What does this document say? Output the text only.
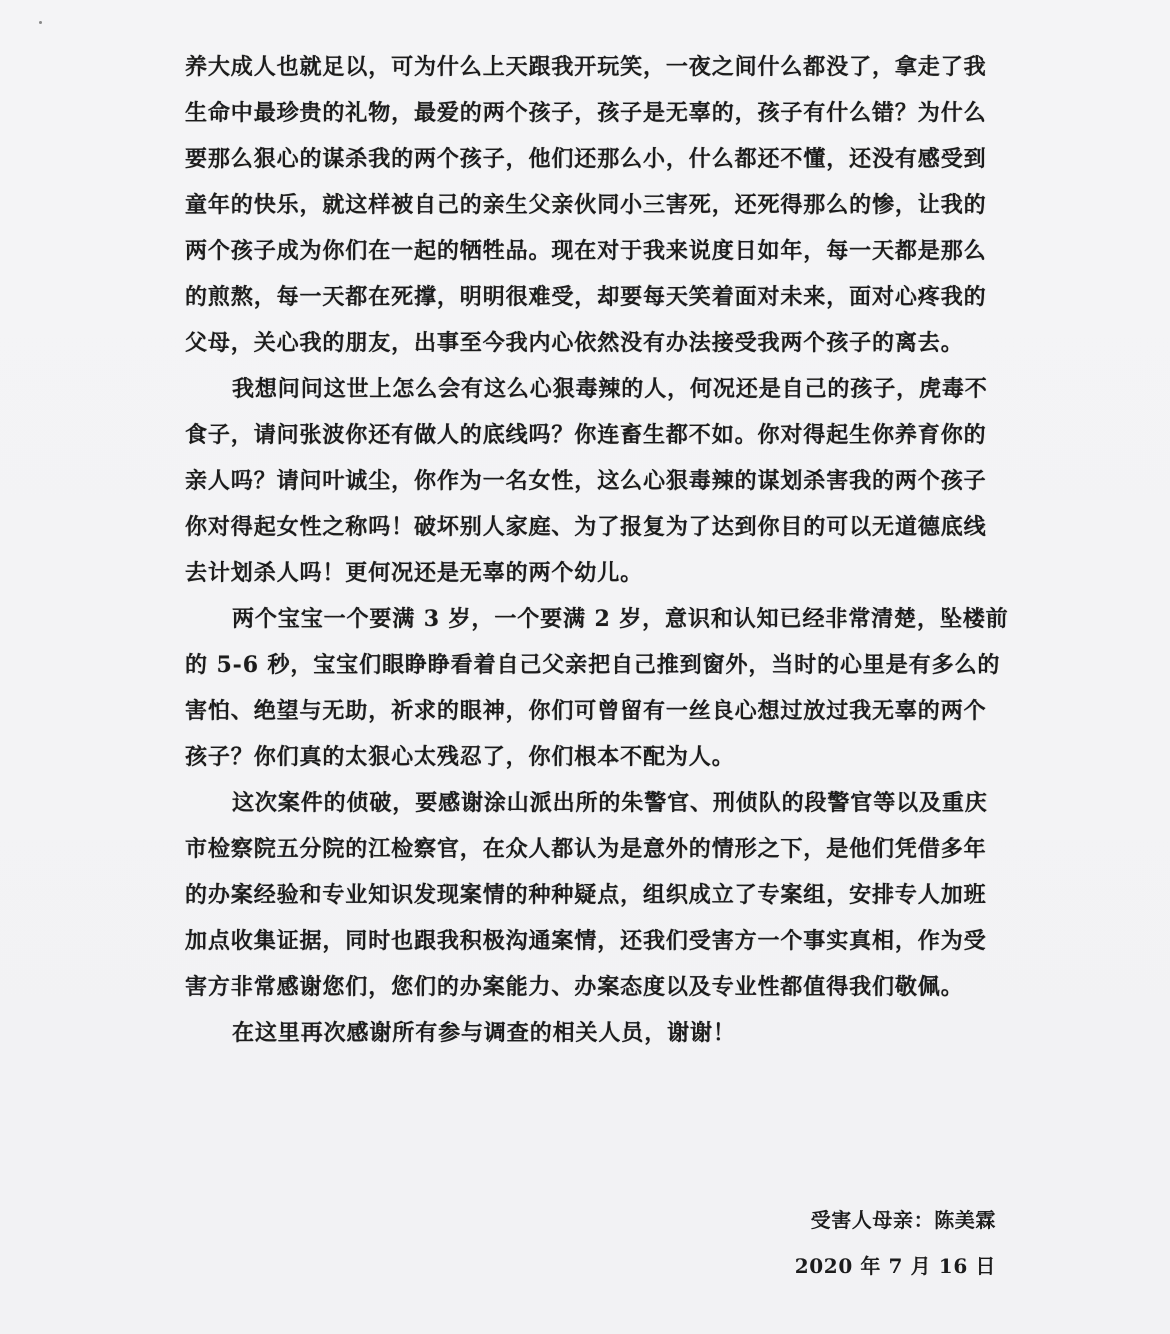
养大成人也就足以，可为什么上天跟我开玩笑，一夜之间什么都没了，拿走了我
生命中最珍贵的礼物，最爱的两个孩子，孩子是无辜的，孩子有什么错？为什么
要那么狠心的谋杀我的两个孩子，他们还那么小，什么都还不懂，还没有感受到
童年的快乐，就这样被自己的亲生父亲伙同小三害死，还死得那么的惨，让我的
两个孩子成为你们在一起的牺牲品。现在对于我来说度日如年，每一天都是那么
的煎熬，每一天都在死撑，明明很难受，却要每天笑着面对未来，面对心疼我的
父母，关心我的朋友，出事至今我内心依然没有办法接受我两个孩子的离去。
我想问问这世上怎么会有这么心狠毒辣的人，何况还是自己的孩子，虎毒不
食子，请问张波你还有做人的底线吗？你连畜生都不如。你对得起生你养育你的
亲人吗？请问叶诚尘，你作为一名女性，这么心狠毒辣的谋划杀害我的两个孩子
你对得起女性之称吗！破坏别人家庭、为了报复为了达到你目的可以无道德底线
去计划杀人吗！更何况还是无辜的两个幼儿。
两个宝宝一个要满 3 岁，一个要满 2 岁，意识和认知已经非常清楚，坠楼前
的 5-6 秒，宝宝们眼睁睁看着自己父亲把自己推到窗外，当时的心里是有多么的
害怕、绝望与无助，祈求的眼神，你们可曾留有一丝良心想过放过我无辜的两个
孩子？你们真的太狠心太残忍了，你们根本不配为人。
这次案件的侦破，要感谢涂山派出所的朱警官、刑侦队的段警官等以及重庆
市检察院五分院的江检察官，在众人都认为是意外的情形之下，是他们凭借多年
的办案经验和专业知识发现案情的种种疑点，组织成立了专案组，安排专人加班
加点收集证据，同时也跟我积极沟通案情，还我们受害方一个事实真相，作为受
害方非常感谢您们，您们的办案能力、办案态度以及专业性都值得我们敬佩。
在这里再次感谢所有参与调查的相关人员，谢谢！
受害人母亲：陈美霖
2020 年 7 月 16 日
